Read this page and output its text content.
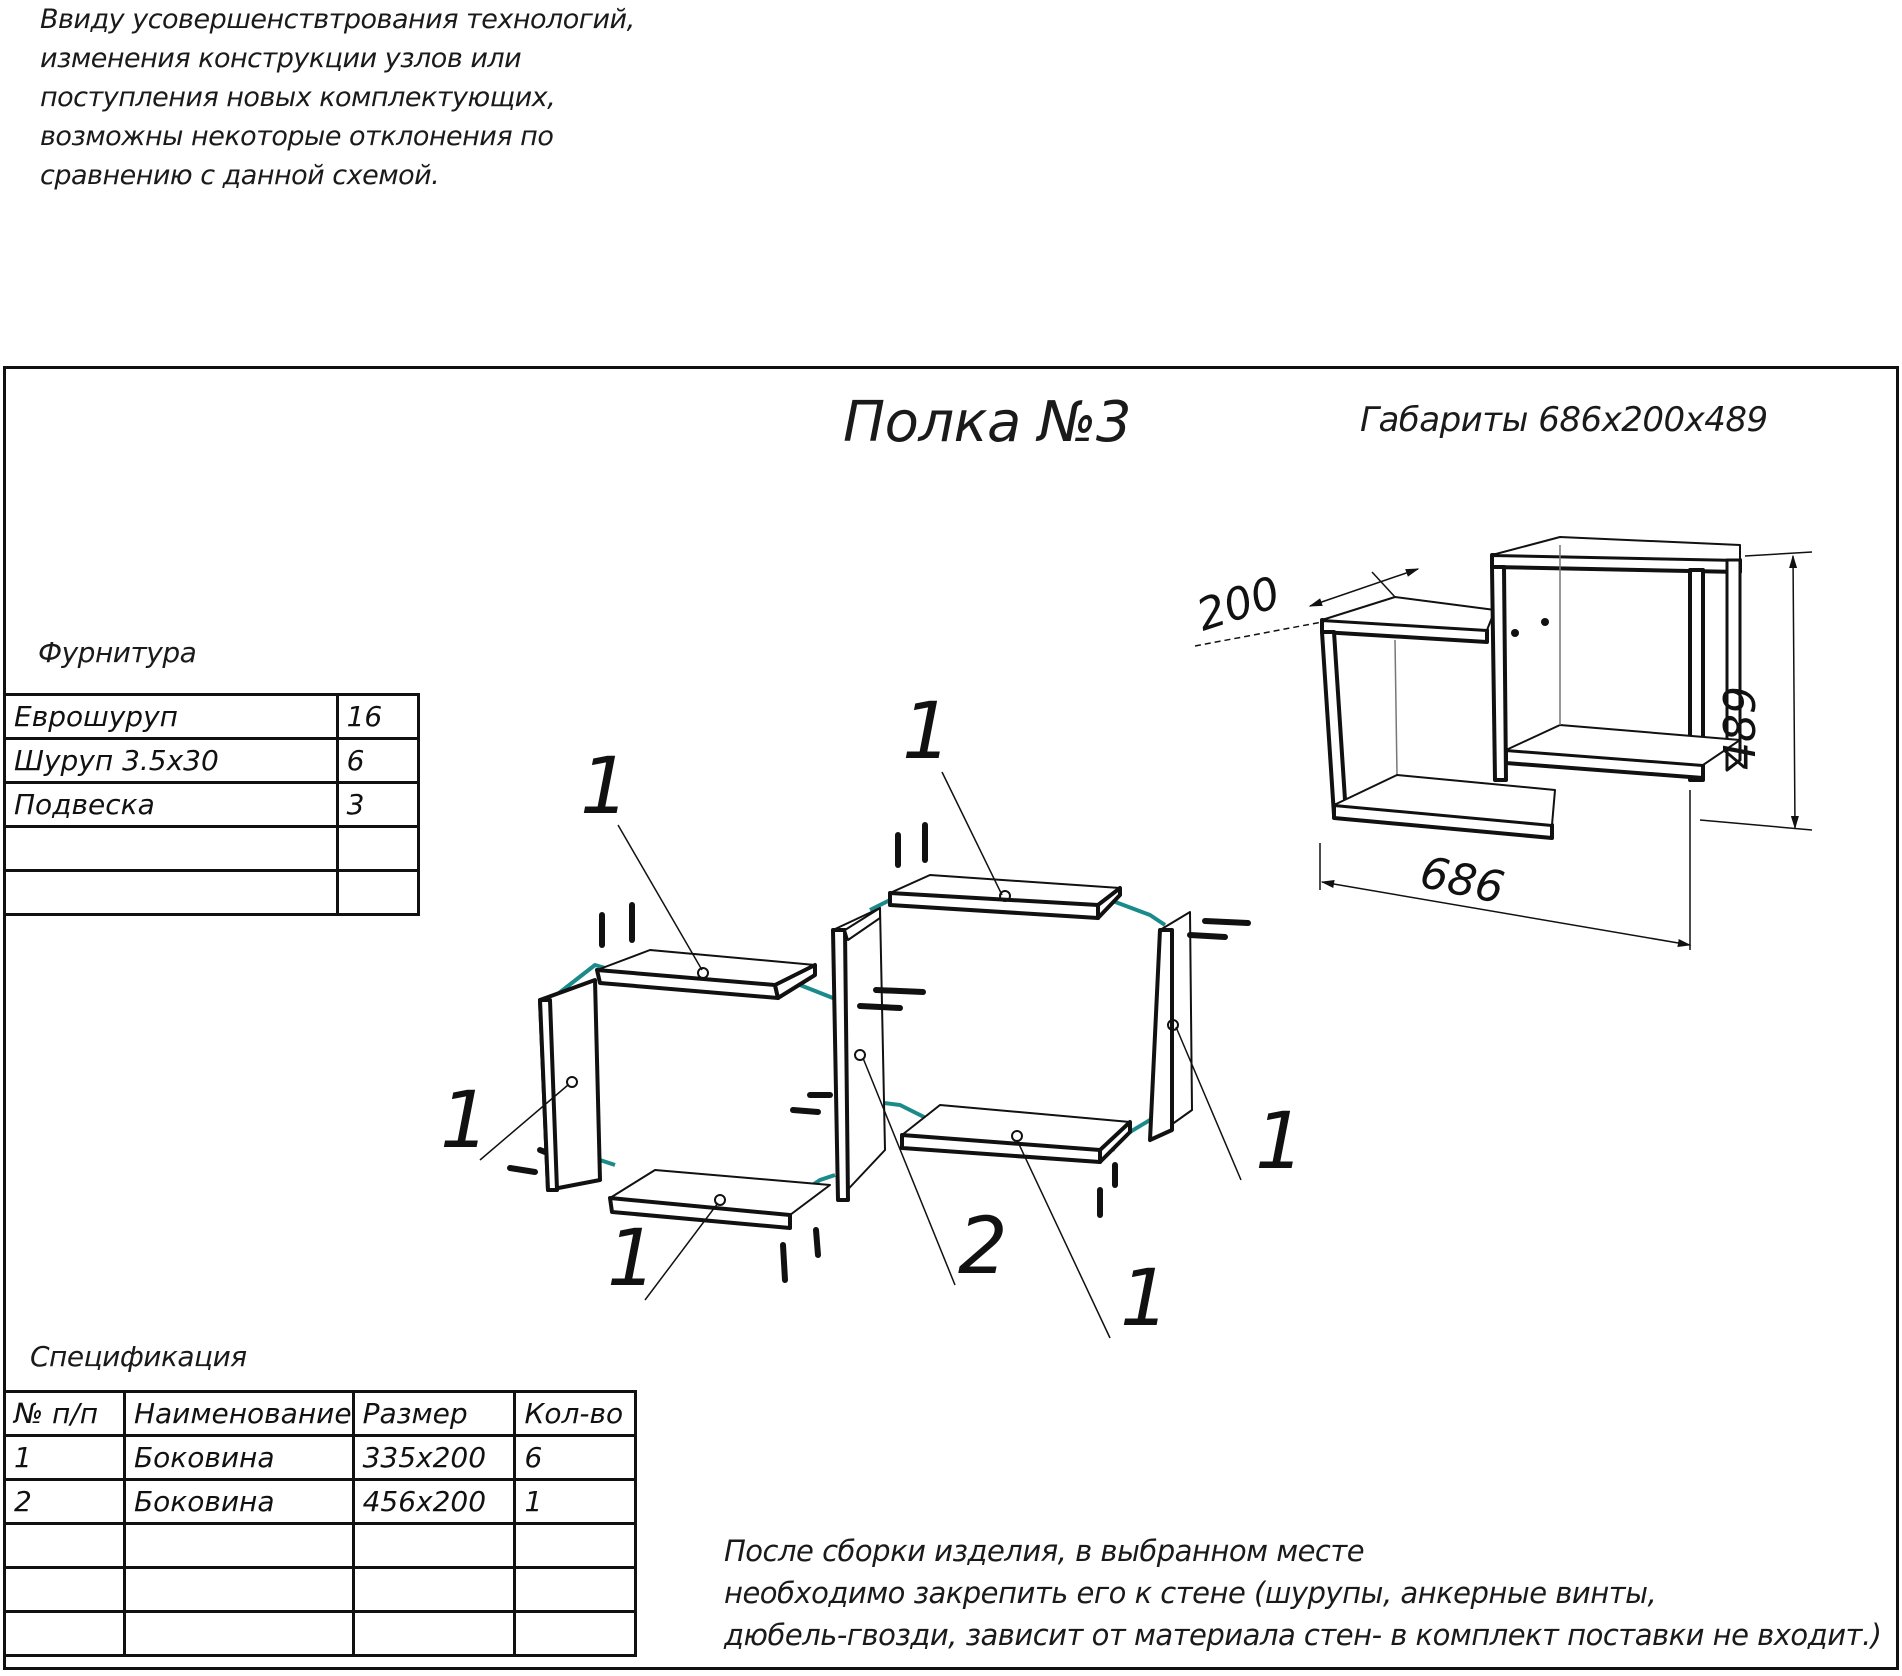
Ввиду усовершенствтрования технологий,
изменения конструкции узлов или
поступления новых комплектующих,
возможны некоторые отклонения по
сравнению с данной схемой.
Полка №3	Габариты 686х200х489
Фурнитура
Еврошуруп	16
Шуруп 3.5х30	6
Подвеска	3

Спецификация
№ п/п	Наименование	Размер	Кол-во
1	Боковина	335х200	6
2	Боковина	456х200	1

После сборки изделия, в выбранном месте
необходимо закрепить его к стене (шурупы, анкерные винты,
дюбель-гвозди, зависит от материала стен- в комплект поставки не входит.)
200
686
489
1
1
1	1
1	1
2
